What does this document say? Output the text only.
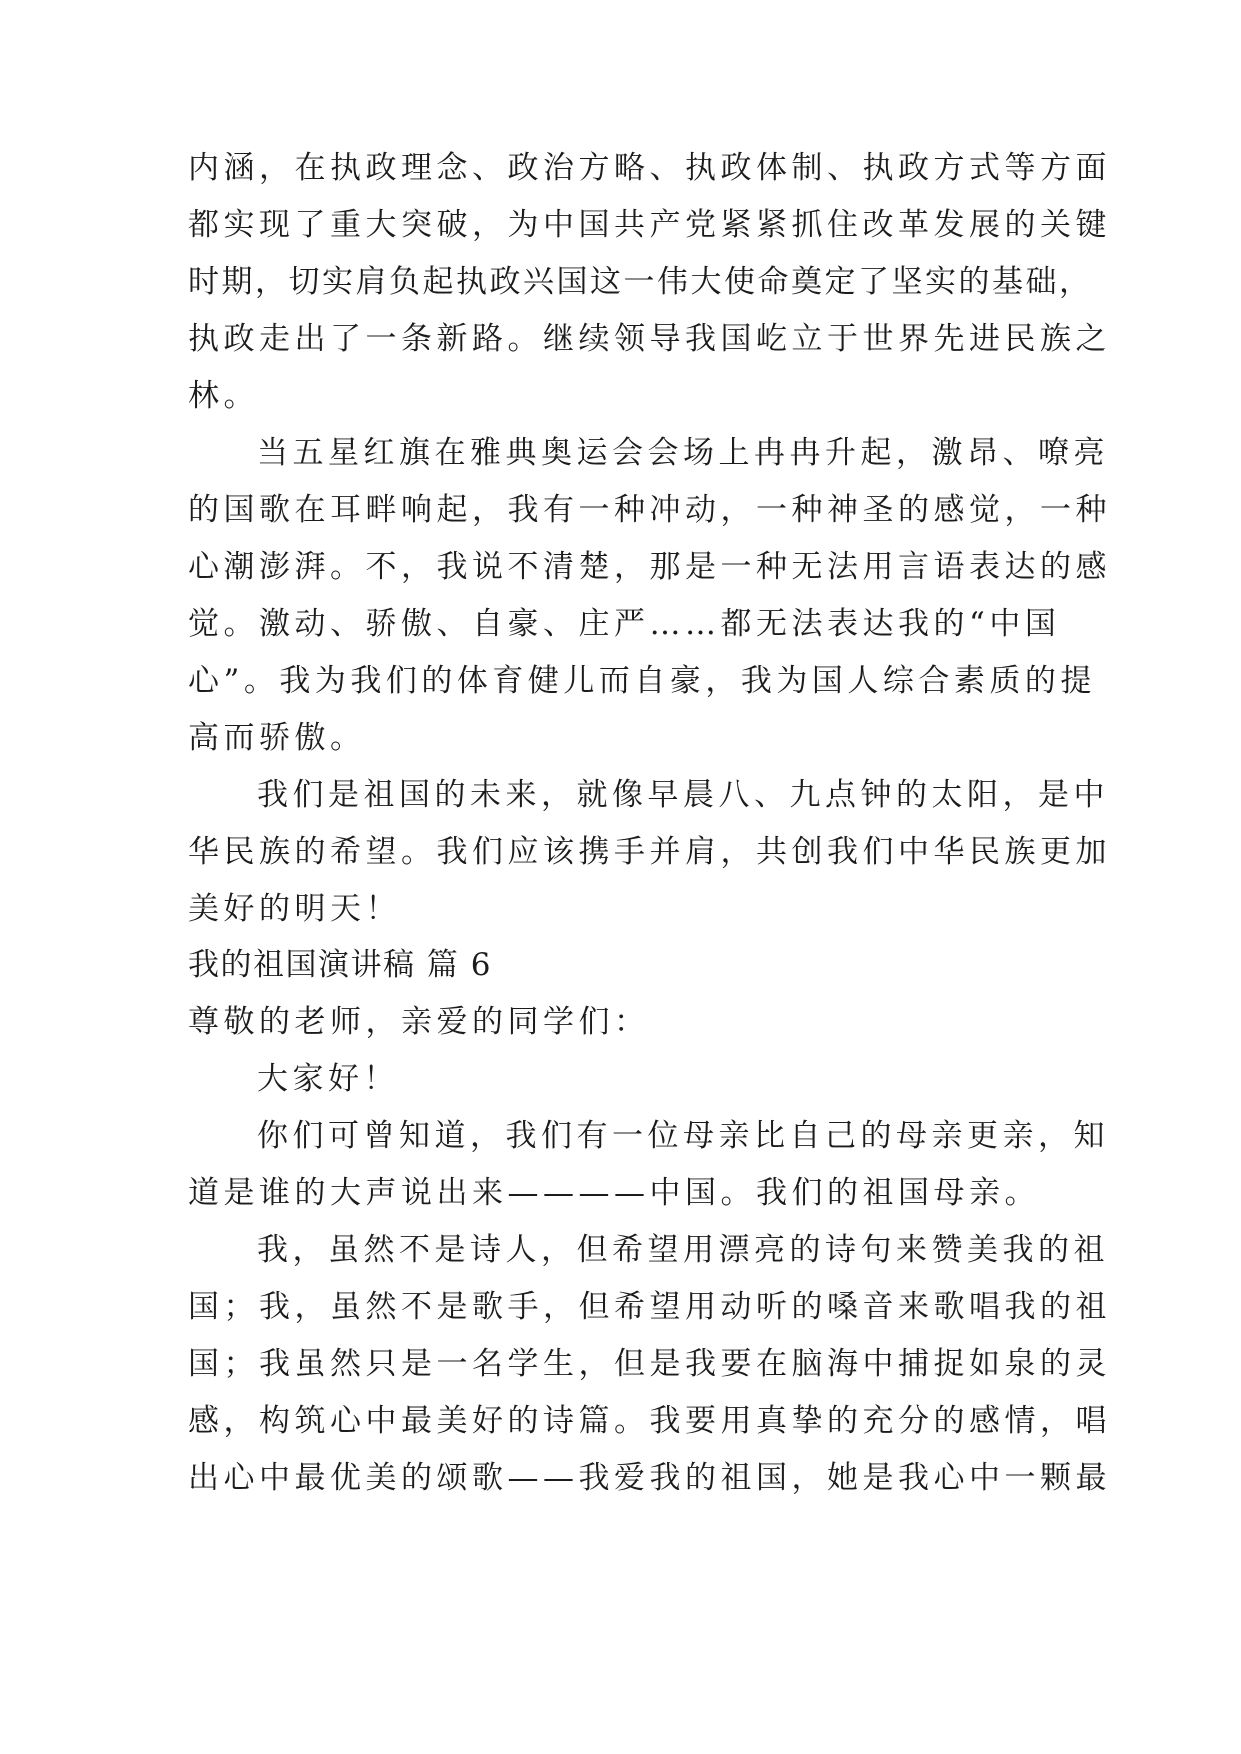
内涵，在执政理念、政治方略、执政体制、执政方式等方面

都实现了重大突破，为中国共产党紧紧抓住改革发展的关键

时期，切实肩负起执政兴国这一伟大使命奠定了坚实的基础，

执政走出了一条新路。继续领导我国屹立于世界先进民族之

林。

当五星红旗在雅典奥运会会场上冉冉升起，激昂、嘹亮

的国歌在耳畔响起，我有一种冲动，一种神圣的感觉，一种

心潮澎湃。不，我说不清楚，那是一种无法用言语表达的感

觉。激动、骄傲、自豪、庄严……都无法表达我的“中国

心”。我为我们的体育健儿而自豪，我为国人综合素质的提

高而骄傲。

我们是祖国的未来，就像早晨八、九点钟的太阳，是中

华民族的希望。我们应该携手并肩，共创我们中华民族更加

美好的明天！

我的祖国演讲稿 篇 6

尊敬的老师，亲爱的同学们：

大家好！

你们可曾知道，我们有一位母亲比自己的母亲更亲，知

道是谁的大声说出来————中国。我们的祖国母亲。

我，虽然不是诗人，但希望用漂亮的诗句来赞美我的祖

国；我，虽然不是歌手，但希望用动听的嗓音来歌唱我的祖

国；我虽然只是一名学生，但是我要在脑海中捕捉如泉的灵

感，构筑心中最美好的诗篇。我要用真挚的充分的感情，唱

出心中最优美的颂歌——我爱我的祖国，她是我心中一颗最
